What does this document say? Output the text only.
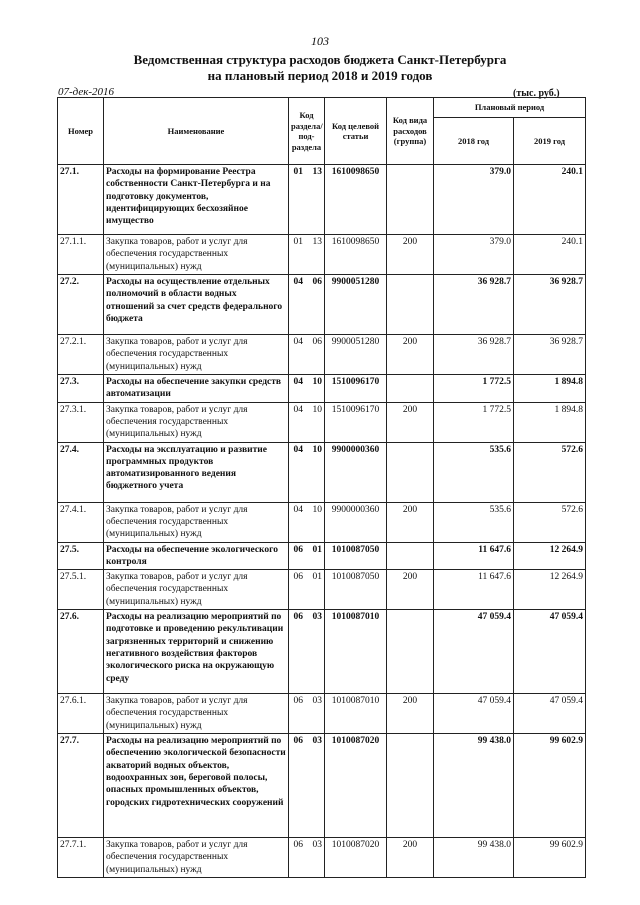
103
Ведомственная структура расходов бюджета Санкт-Петербурга
на плановый период 2018 и 2019 годов
07-дек-2016	(тыс. руб.)
Номер	Наименование	Код раздела/ под- раздела		Код целевой статьи	Код вида расходов (группа)	Плановый период	
						2018 год	2019 год
27.1.	Расходы на формирование Реестра собственности Санкт-Петербурга и на подготовку документов, идентифицирующих бесхозяйное имущество	01	13	1610098650		379.0	240.1
27.1.1.	Закупка товаров, работ и услуг для обеспечения государственных (муниципальных) нужд	01	13	1610098650	200	379.0	240.1
27.2.	Расходы на осуществление отдельных полномочий в области водных отношений за счет средств федерального бюджета	04	06	9900051280		36 928.7	36 928.7
27.2.1.	Закупка товаров, работ и услуг для обеспечения государственных (муниципальных) нужд	04	06	9900051280	200	36 928.7	36 928.7
27.3.	Расходы на обеспечение закупки средств автоматизации	04	10	1510096170		1 772.5	1 894.8
27.3.1.	Закупка товаров, работ и услуг для обеспечения государственных (муниципальных) нужд	04	10	1510096170	200	1 772.5	1 894.8
27.4.	Расходы на эксплуатацию и развитие программных продуктов автоматизированного ведения бюджетного учета	04	10	9900000360		535.6	572.6
27.4.1.	Закупка товаров, работ и услуг для обеспечения государственных (муниципальных) нужд	04	10	9900000360	200	535.6	572.6
27.5.	Расходы на обеспечение экологического контроля	06	01	1010087050		11 647.6	12 264.9
27.5.1.	Закупка товаров, работ и услуг для обеспечения государственных (муниципальных) нужд	06	01	1010087050	200	11 647.6	12 264.9
27.6.	Расходы на реализацию мероприятий по подготовке и проведению рекультивации загрязненных территорий и снижению негативного воздействия факторов экологического риска на окружающую среду	06	03	1010087010		47 059.4	47 059.4
27.6.1.	Закупка товаров, работ и услуг для обеспечения государственных (муниципальных) нужд	06	03	1010087010	200	47 059.4	47 059.4
27.7.	Расходы на реализацию мероприятий по обеспечению экологической безопасности акваторий водных объектов, водоохранных зон, береговой полосы, опасных промышленных объектов, городских гидротехнических сооружений	06	03	1010087020		99 438.0	99 602.9
27.7.1.	Закупка товаров, работ и услуг для обеспечения государственных (муниципальных) нужд	06	03	1010087020	200	99 438.0	99 602.9
